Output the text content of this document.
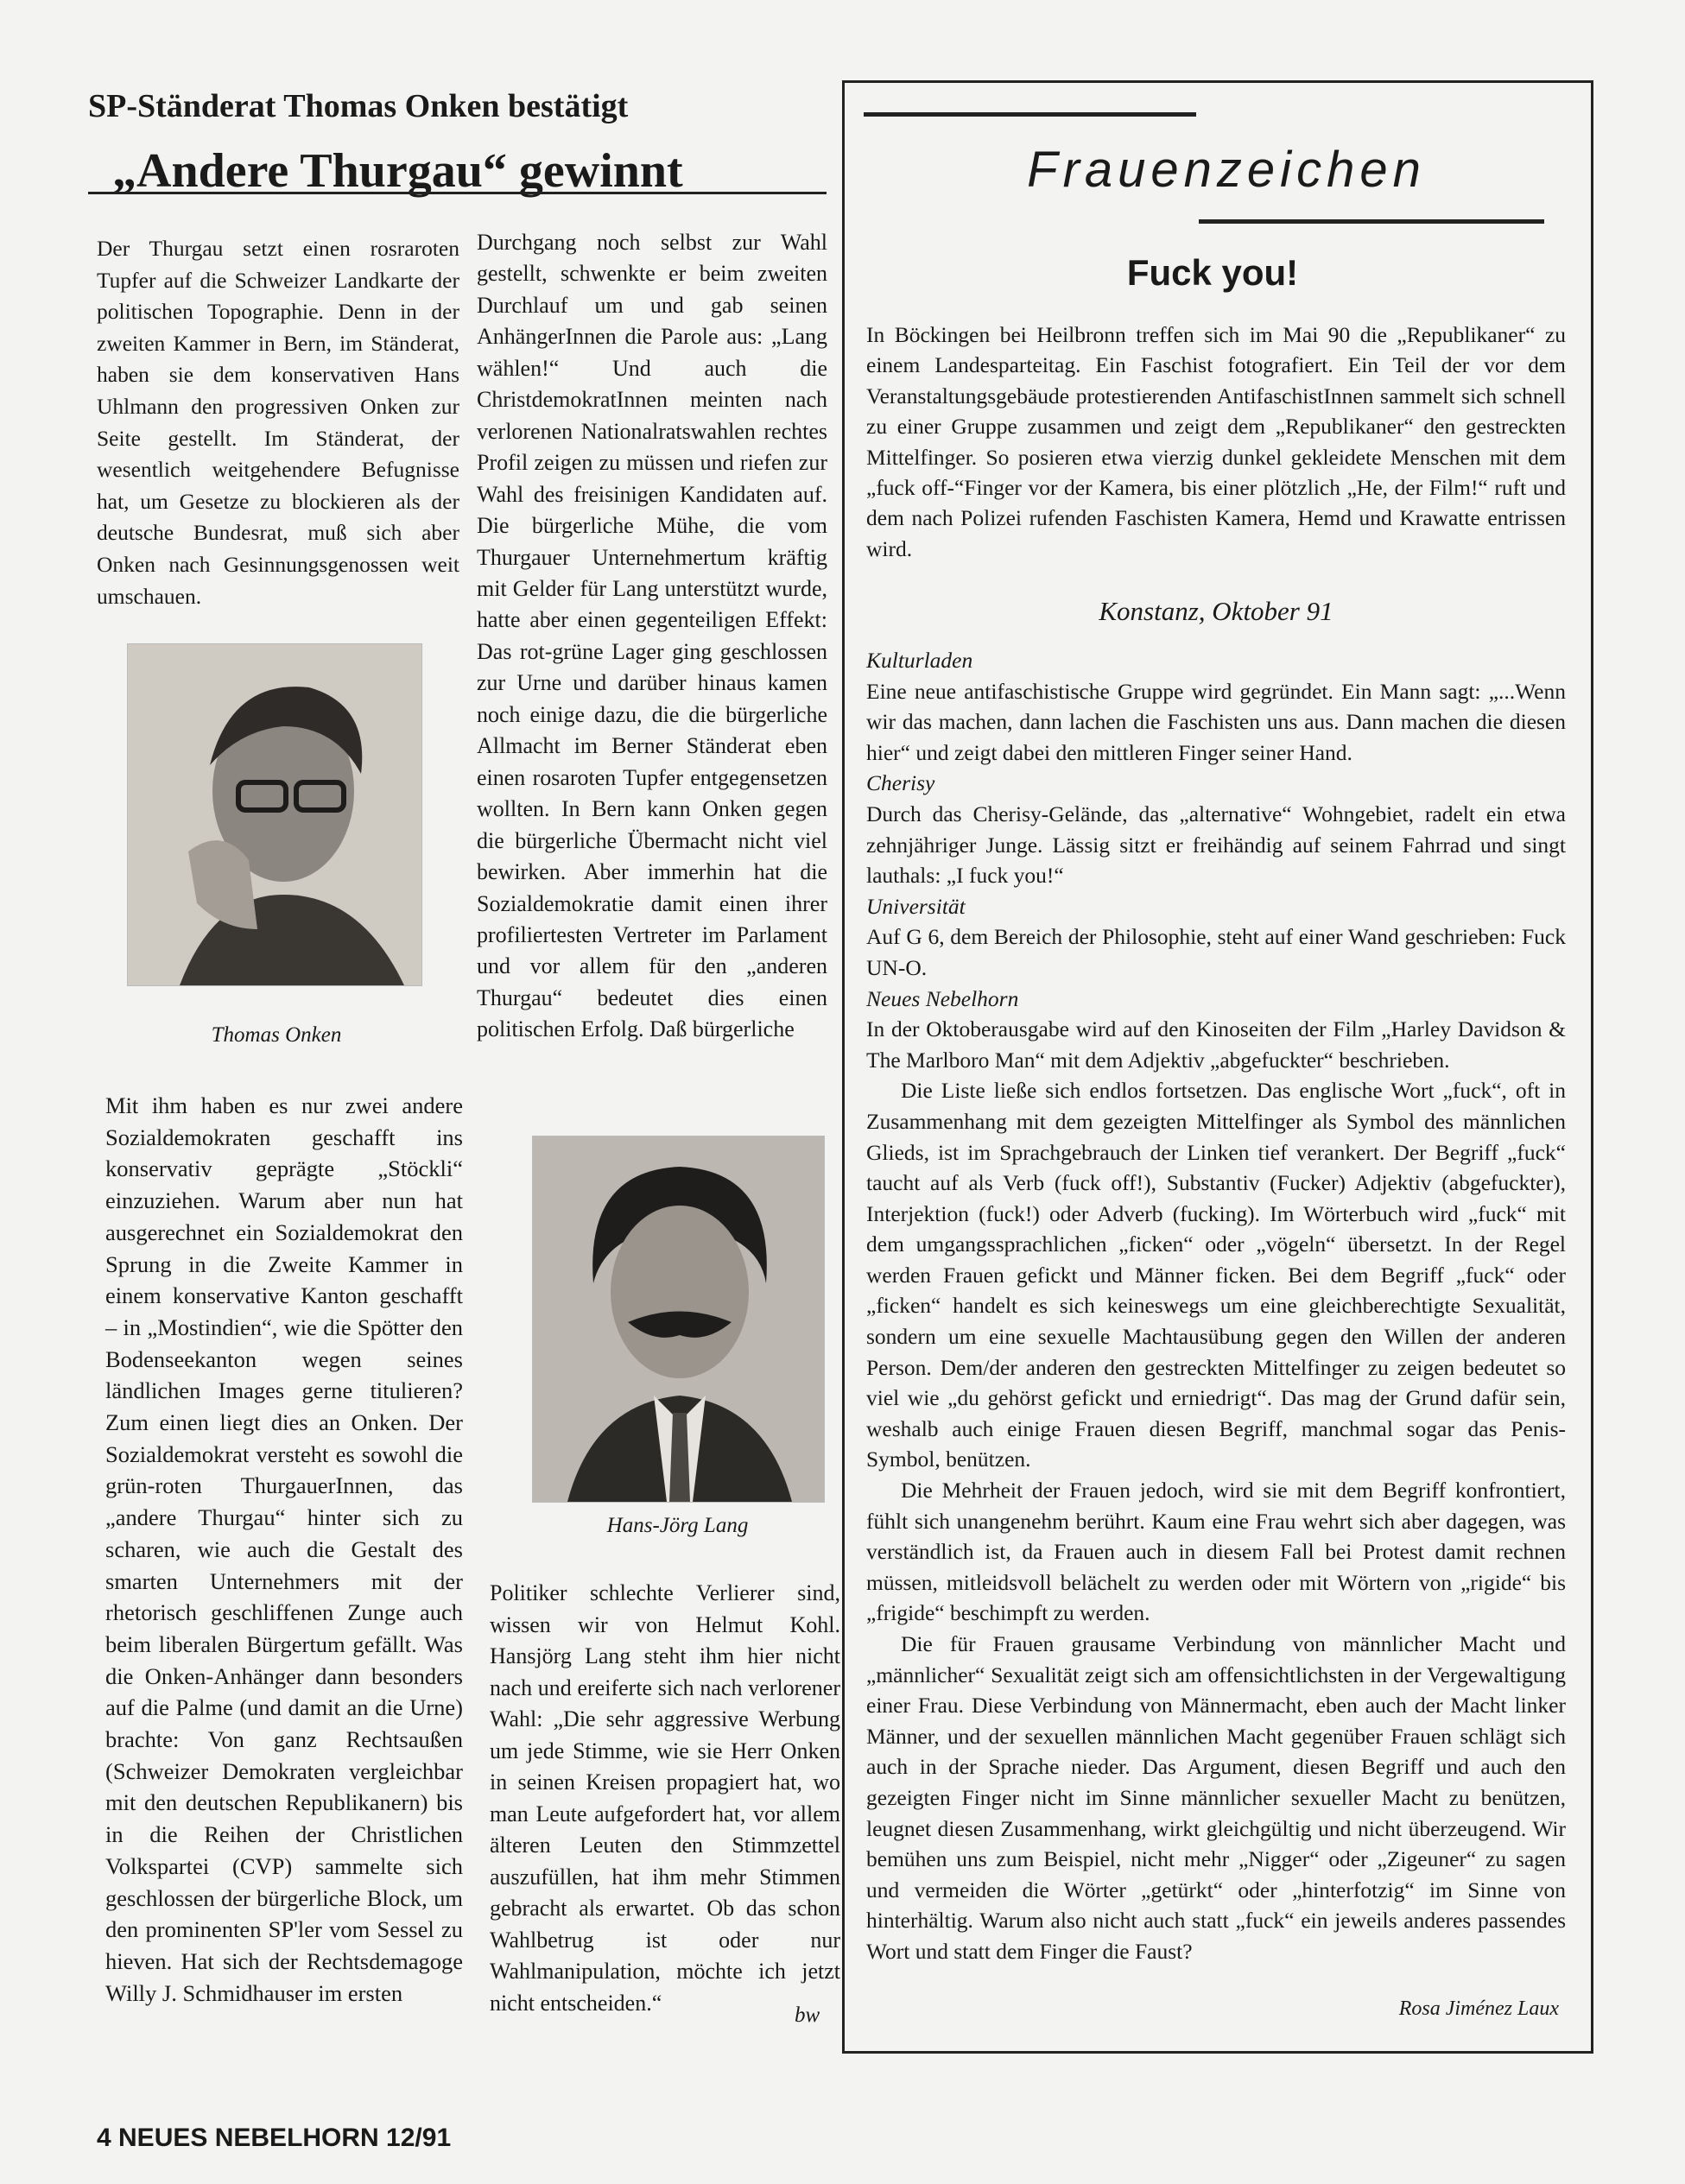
SP-Ständerat Thomas Onken bestätigt
„Andere Thurgau“ gewinnt

Der Thurgau setzt einen rosraroten Tupfer auf die Schweizer Landkarte der politischen Topographie. Denn in der zweiten Kammer in Bern, im Ständerat, haben sie dem konservativen Hans Uhlmann den progressiven Onken zur Seite gestellt. Im Ständerat, der wesentlich weitgehendere Befugnisse hat, um Gesetze zu blockieren als der deutsche Bundesrat, muß sich aber Onken nach Gesinnungsgenossen weit umschauen.

Thomas Onken

Mit ihm haben es nur zwei andere Sozialdemokraten geschafft ins konservativ geprägte „Stöckli“ einzuziehen. Warum aber nun hat ausgerechnet ein Sozialdemokrat den Sprung in die Zweite Kammer in einem konservative Kanton geschafft – in „Mostindien“, wie die Spötter den Bodenseekanton wegen seines ländlichen Images gerne titulieren? Zum einen liegt dies an Onken. Der Sozialdemokrat versteht es sowohl die grün-roten ThurgauerInnen, das „andere Thurgau“ hinter sich zu scharen, wie auch die Gestalt des smarten Unternehmers mit der rhetorisch geschliffenen Zunge auch beim liberalen Bürgertum gefällt. Was die Onken-Anhänger dann besonders auf die Palme (und damit an die Urne) brachte: Von ganz Rechtsaußen (Schweizer Demokraten vergleichbar mit den deutschen Republikanern) bis in die Reihen der Christlichen Volkspartei (CVP) sammelte sich geschlossen der bürgerliche Block, um den prominenten SP'ler vom Sessel zu hieven. Hat sich der Rechtsdemagoge Willy J. Schmidhauser im ersten

Durchgang noch selbst zur Wahl gestellt, schwenkte er beim zweiten Durchlauf um und gab seinen AnhängerInnen die Parole aus: „Lang wählen!“ Und auch die ChristdemokratInnen meinten nach verlorenen Nationalratswahlen rechtes Profil zeigen zu müssen und riefen zur Wahl des freisinigen Kandidaten auf. Die bürgerliche Mühe, die vom Thurgauer Unternehmertum kräftig mit Gelder für Lang unterstützt wurde, hatte aber einen gegenteiligen Effekt: Das rot-grüne Lager ging geschlossen zur Urne und darüber hinaus kamen noch einige dazu, die die bürgerliche Allmacht im Berner Ständerat eben einen rosaroten Tupfer entgegensetzen wollten. In Bern kann Onken gegen die bürgerliche Übermacht nicht viel bewirken. Aber immerhin hat die Sozialdemokratie damit einen ihrer profiliertesten Vertreter im Parlament und vor allem für den „anderen Thurgau“ bedeutet dies einen politischen Erfolg. Daß bürgerliche

Hans-Jörg Lang

Politiker schlechte Verlierer sind, wissen wir von Helmut Kohl. Hansjörg Lang steht ihm hier nicht nach und ereiferte sich nach verlorener Wahl: „Die sehr aggressive Werbung um jede Stimme, wie sie Herr Onken in seinen Kreisen propagiert hat, wo man Leute aufgefordert hat, vor allem älteren Leuten den Stimmzettel auszufüllen, hat ihm mehr Stimmen gebracht als erwartet. Ob das schon Wahlbetrug ist oder nur Wahlmanipulation, möchte ich jetzt nicht entscheiden.“	bw
Frauenzeichen
Fuck you!

In Böckingen bei Heilbronn treffen sich im Mai 90 die „Republikaner“ zu einem Landesparteitag. Ein Faschist fotografiert. Ein Teil der vor dem Veranstaltungsgebäude protestierenden AntifaschistInnen sammelt sich schnell zu einer Gruppe zusammen und zeigt dem „Republikaner“ den gestreckten Mittelfinger. So posieren etwa vierzig dunkel gekleidete Menschen mit dem „fuck off-“Finger vor der Kamera, bis einer plötzlich „He, der Film!“ ruft und dem nach Polizei rufenden Faschisten Kamera, Hemd und Krawatte entrissen wird.

Konstanz, Oktober 91

Kulturladen

Eine neue antifaschistische Gruppe wird gegründet. Ein Mann sagt: „...Wenn wir das machen, dann lachen die Faschisten uns aus. Dann machen die diesen hier“ und zeigt dabei den mittleren Finger seiner Hand.

Cherisy

Durch das Cherisy-Gelände, das „alternative“ Wohngebiet, radelt ein etwa zehnjähriger Junge. Lässig sitzt er freihändig auf seinem Fahrrad und singt lauthals: „I fuck you!“

Universität

Auf G 6, dem Bereich der Philosophie, steht auf einer Wand geschrieben: Fuck UN-O.

Neues Nebelhorn

In der Oktoberausgabe wird auf den Kinoseiten der Film „Harley Davidson & The Marlboro Man“ mit dem Adjektiv „abgefuckter“ beschrieben.

Die Liste ließe sich endlos fortsetzen. Das englische Wort „fuck“, oft in Zusammenhang mit dem gezeigten Mittelfinger als Symbol des männlichen Glieds, ist im Sprachgebrauch der Linken tief verankert. Der Begriff „fuck“ taucht auf als Verb (fuck off!), Substantiv (Fucker) Adjektiv (abgefuckter), Interjektion (fuck!) oder Adverb (fucking). Im Wörterbuch wird „fuck“ mit dem umgangssprachlichen „ficken“ oder „vögeln“ übersetzt. In der Regel werden Frauen gefickt und Männer ficken. Bei dem Begriff „fuck“ oder „ficken“ handelt es sich keineswegs um eine gleichberechtigte Sexualität, sondern um eine sexuelle Machtausübung gegen den Willen der anderen Person. Dem/der anderen den gestreckten Mittelfinger zu zeigen bedeutet so viel wie „du gehörst gefickt und erniedrigt“. Das mag der Grund dafür sein, weshalb auch einige Frauen diesen Begriff, manchmal sogar das Penis-Symbol, benützen.

Die Mehrheit der Frauen jedoch, wird sie mit dem Begriff konfrontiert, fühlt sich unangenehm berührt. Kaum eine Frau wehrt sich aber dagegen, was verständlich ist, da Frauen auch in diesem Fall bei Protest damit rechnen müssen, mitleidsvoll belächelt zu werden oder mit Wörtern von „rigide“ bis „frigide“ beschimpft zu werden.

Die für Frauen grausame Verbindung von männlicher Macht und „männlicher“ Sexualität zeigt sich am offensichtlichsten in der Vergewaltigung einer Frau. Diese Verbindung von Männermacht, eben auch der Macht linker Männer, und der sexuellen männlichen Macht gegenüber Frauen schlägt sich auch in der Sprache nieder. Das Argument, diesen Begriff und auch den gezeigten Finger nicht im Sinne männlicher sexueller Macht zu benützen, leugnet diesen Zusammenhang, wirkt gleichgültig und nicht überzeugend. Wir bemühen uns zum Beispiel, nicht mehr „Nigger“ oder „Zigeuner“ zu sagen und vermeiden die Wörter „getürkt“ oder „hinterfotzig“ im Sinne von hinterhältig. Warum also nicht auch statt „fuck“ ein jeweils anderes passendes Wort und statt dem Finger die Faust?

Rosa Jiménez Laux
4 NEUES NEBELHORN 12/91
